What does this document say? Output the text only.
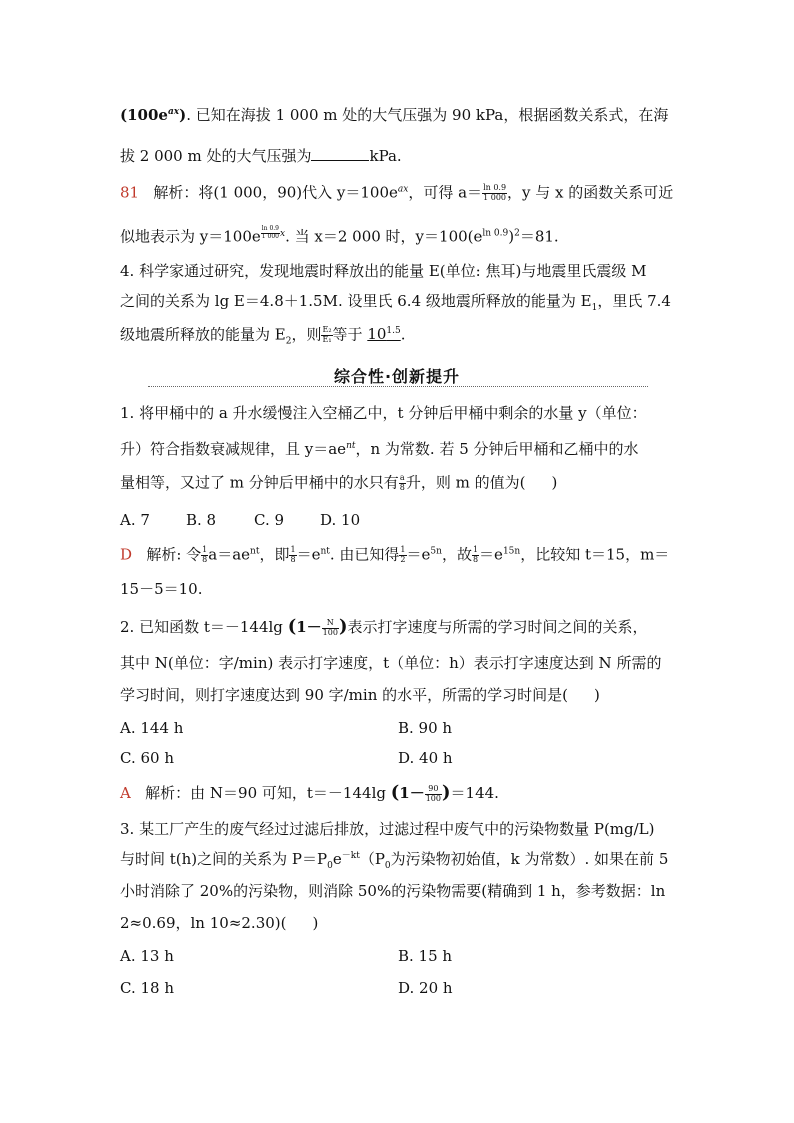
$(100e^{ax})$. 已知在海拔 1 000 m 处的大气压强为 90 kPa，根据函数关系式，在海
拔 2 000 m 处的大气压强为	kPa.
81 解析：将(1 000，90)代入 $y=100e^{ax}$，可得 $a= \frac{\ln 0.9}{1 000}$ ，y 与 x 的函数关系可近
似地表示为 y＝100e $^{\frac{\ln 0.9}{1 000} x}$. 当 x＝2 000 时，$y=100(e^{ln 0.9})^2=81$.
4. 科学家通过研究，发现地震时释放出的能量 E(单位: 焦耳)与地震里氏震级 M
之间的关系为 lg E＝4.8＋1.5M. 设里氏 6.4 级地震所释放的能量为 $E_1$，里氏 7.4
级地震所释放的能量为 $E_2$，则 $\frac{\text{E₂}}{\text{E₁}}$ 等于 $10^{1.5}$.
综合性·创新提升
1. 将甲桶中的 a 升水缓慢注入空桶乙中，t 分钟后甲桶中剩余的水量 y（单位：
升）符合指数衰减规律，且 $y=ae^{nt}$，n 为常数. 若 5 分钟后甲桶和乙桶中的水
量相等，又过了 m 分钟后甲桶中的水只有 $\frac{a}{8}$ 升，则 m 的值为( )
A. 7 B. 8	C. 9 D. 10
D 解析: 令 $\frac{1}{8} a=ae^{nt}$，即 $\frac{1}{8} =e^{nt}$. 由已知得 $\frac{1}{2} =e^{5n}$，故 $\frac{1}{8} =e^{15n}$，比较知 t＝15，m＝
15－5＝10.
2. 已知函数 t＝－144lg ($1- \frac{N}{100}$ )表示打字速度与所需的学习时间之间的关系，
其中 N(单位：字/min) 表示打字速度，t（单位：h）表示打字速度达到 N 所需的
学习时间，则打字速度达到 90 字/min 的水平，所需的学习时间是( )
A. 144 h	B. 90 h
C. 60 h	D. 40 h
A 解析：由 N＝90 可知，t＝－144lg $(1- \frac{90}{100} )=144$.
3. 某工厂产生的废气经过过滤后排放，过滤过程中废气中的污染物数量 P(mg/L)
与时间 t(h)之间的关系为 $P=P_0e^{-kt}(P_0$为污染物初始值，k 为常数）. 如果在前 5
小时消除了 20%的污染物，则消除 50%的污染物需要(精确到 1 h，参考数据：ln
2≈0.69，ln 10≈2.30)( )
A. 13 h	B. 15 h
C. 18 h	D. 20 h
